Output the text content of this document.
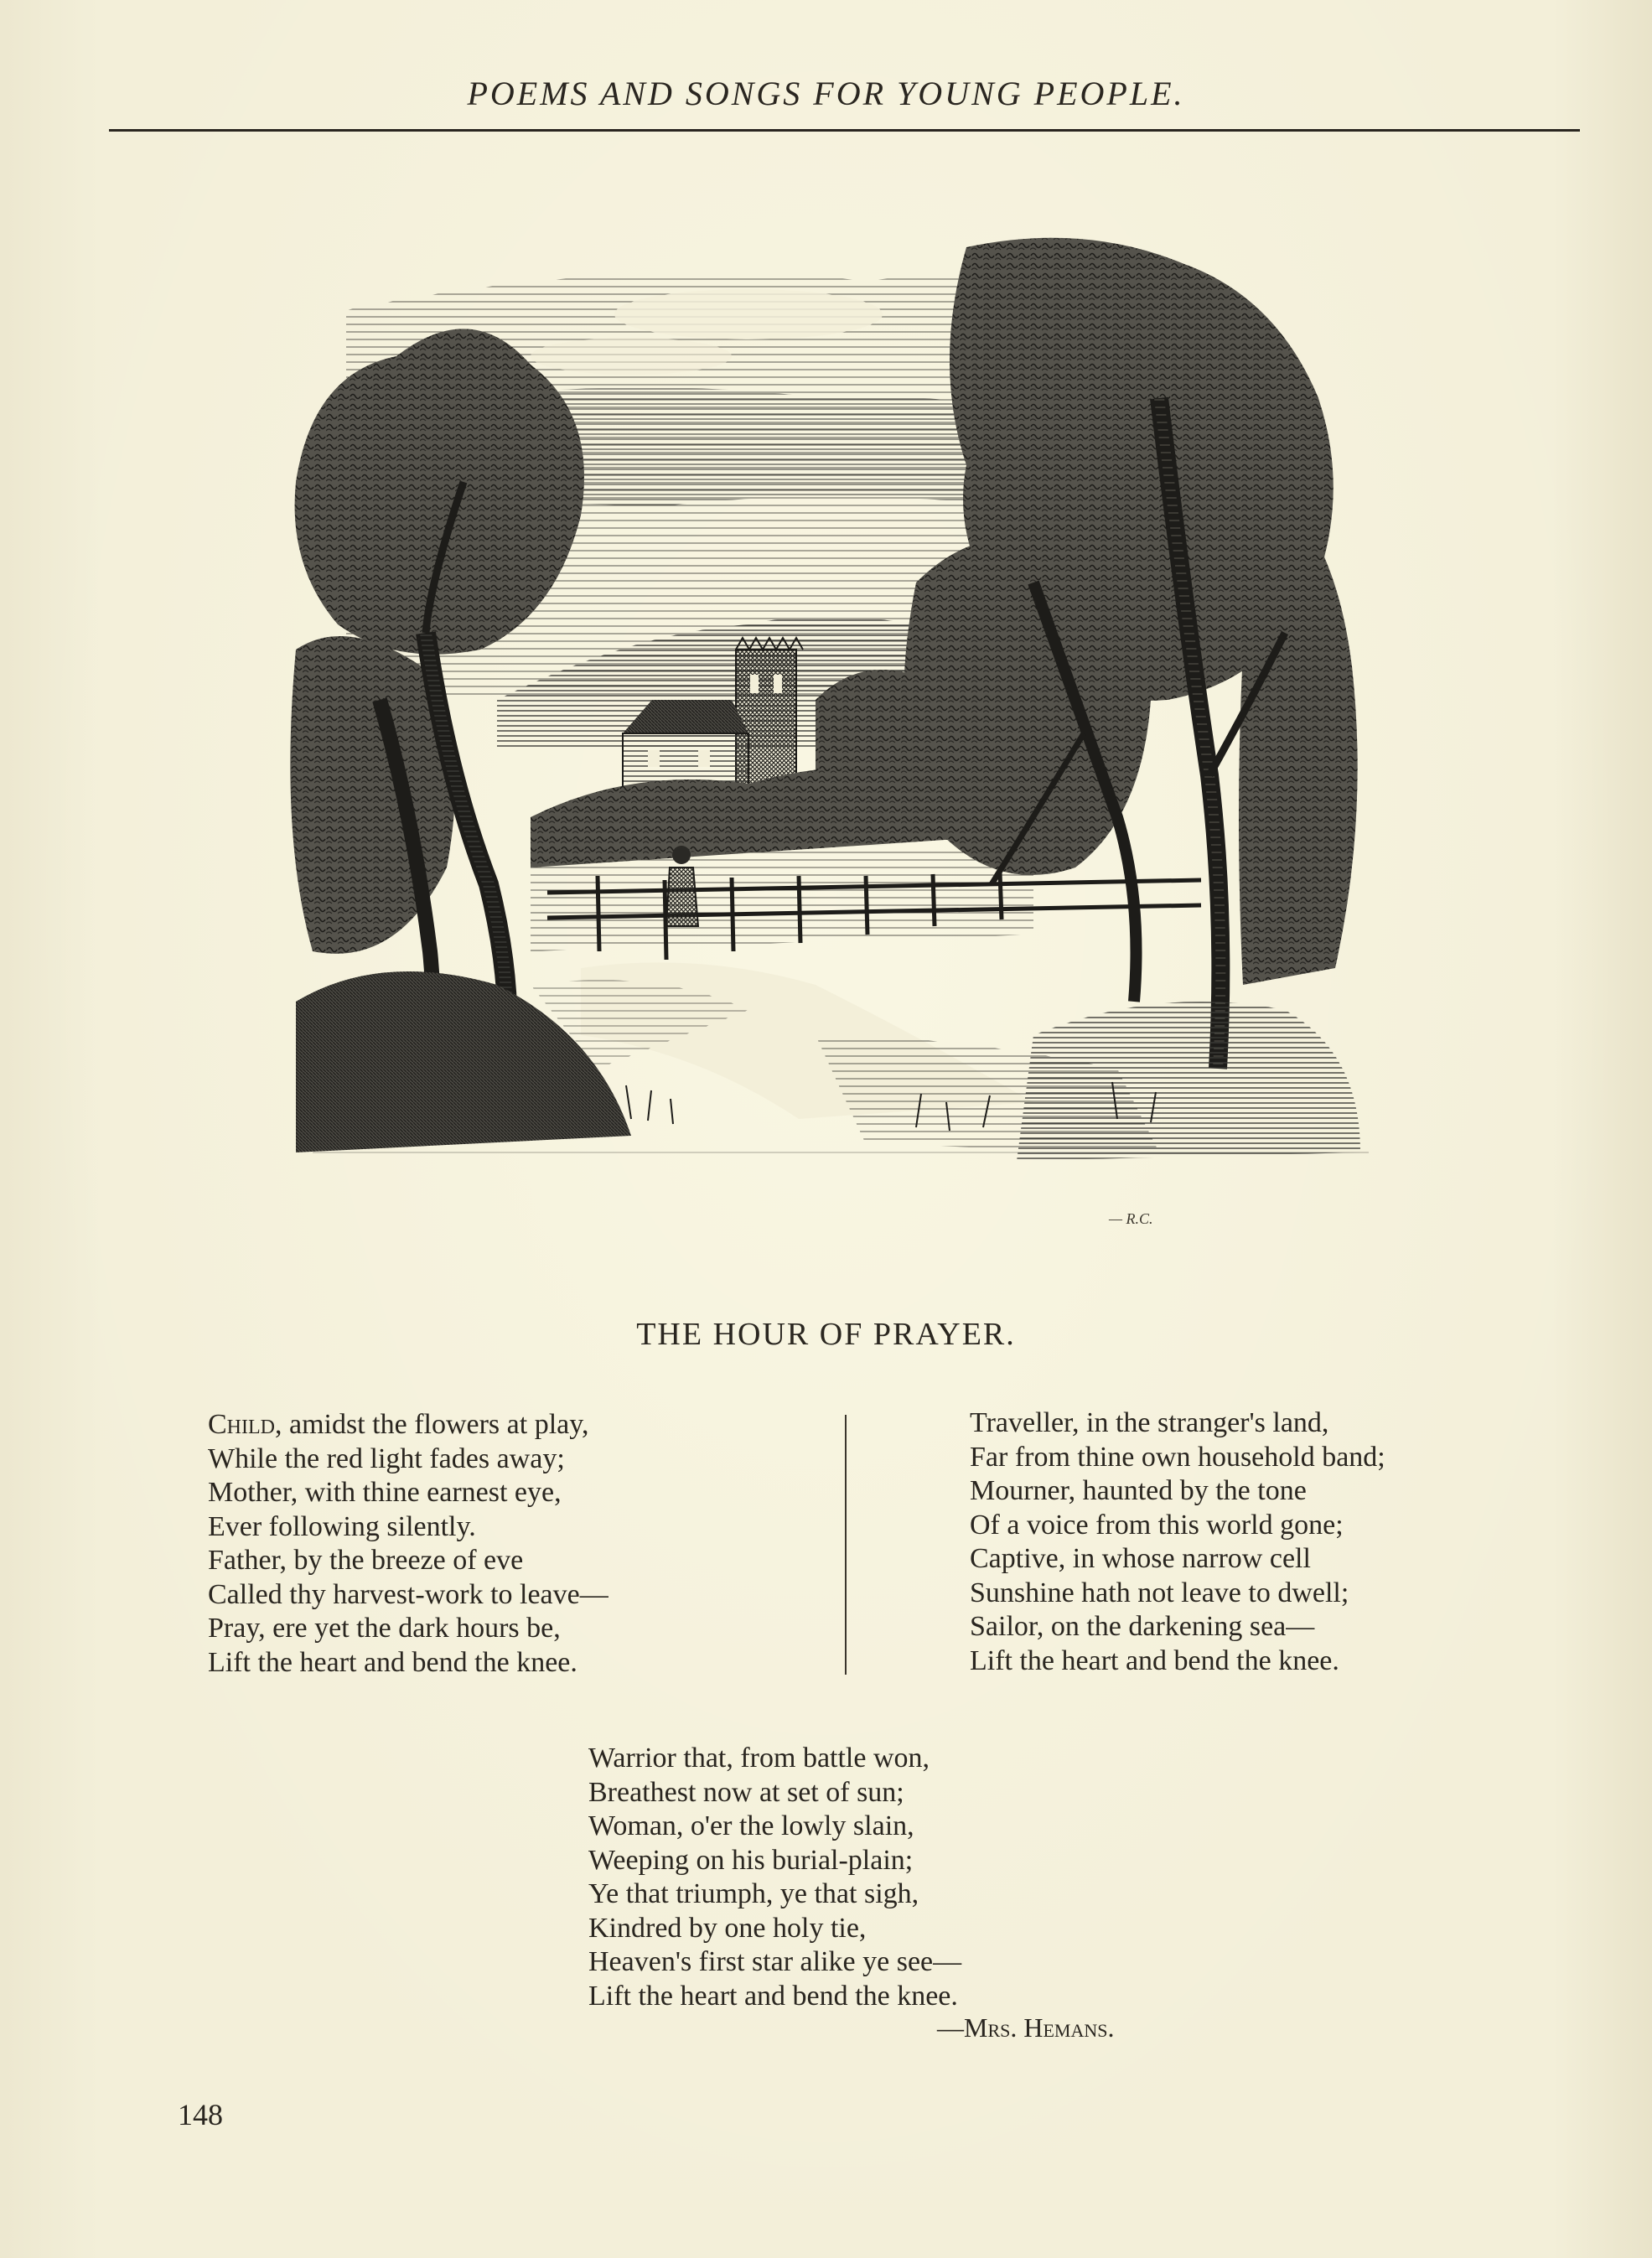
POEMS AND SONGS FOR YOUNG PEOPLE.
— R.C.
THE HOUR OF PRAYER.
Child, amidst the flowers at play,
While the red light fades away;
Mother, with thine earnest eye,
Ever following silently.
Father, by the breeze of eve
Called thy harvest-work to leave—
Pray, ere yet the dark hours be,
Lift the heart and bend the knee.
Traveller, in the stranger's land,
Far from thine own household band;
Mourner, haunted by the tone
Of a voice from this world gone;
Captive, in whose narrow cell
Sunshine hath not leave to dwell;
Sailor, on the darkening sea—
Lift the heart and bend the knee.
Warrior that, from battle won,
Breathest now at set of sun;
Woman, o'er the lowly slain,
Weeping on his burial-plain;
Ye that triumph, ye that sigh,
Kindred by one holy tie,
Heaven's first star alike ye see—
Lift the heart and bend the knee.
—Mrs. Hemans.
148
